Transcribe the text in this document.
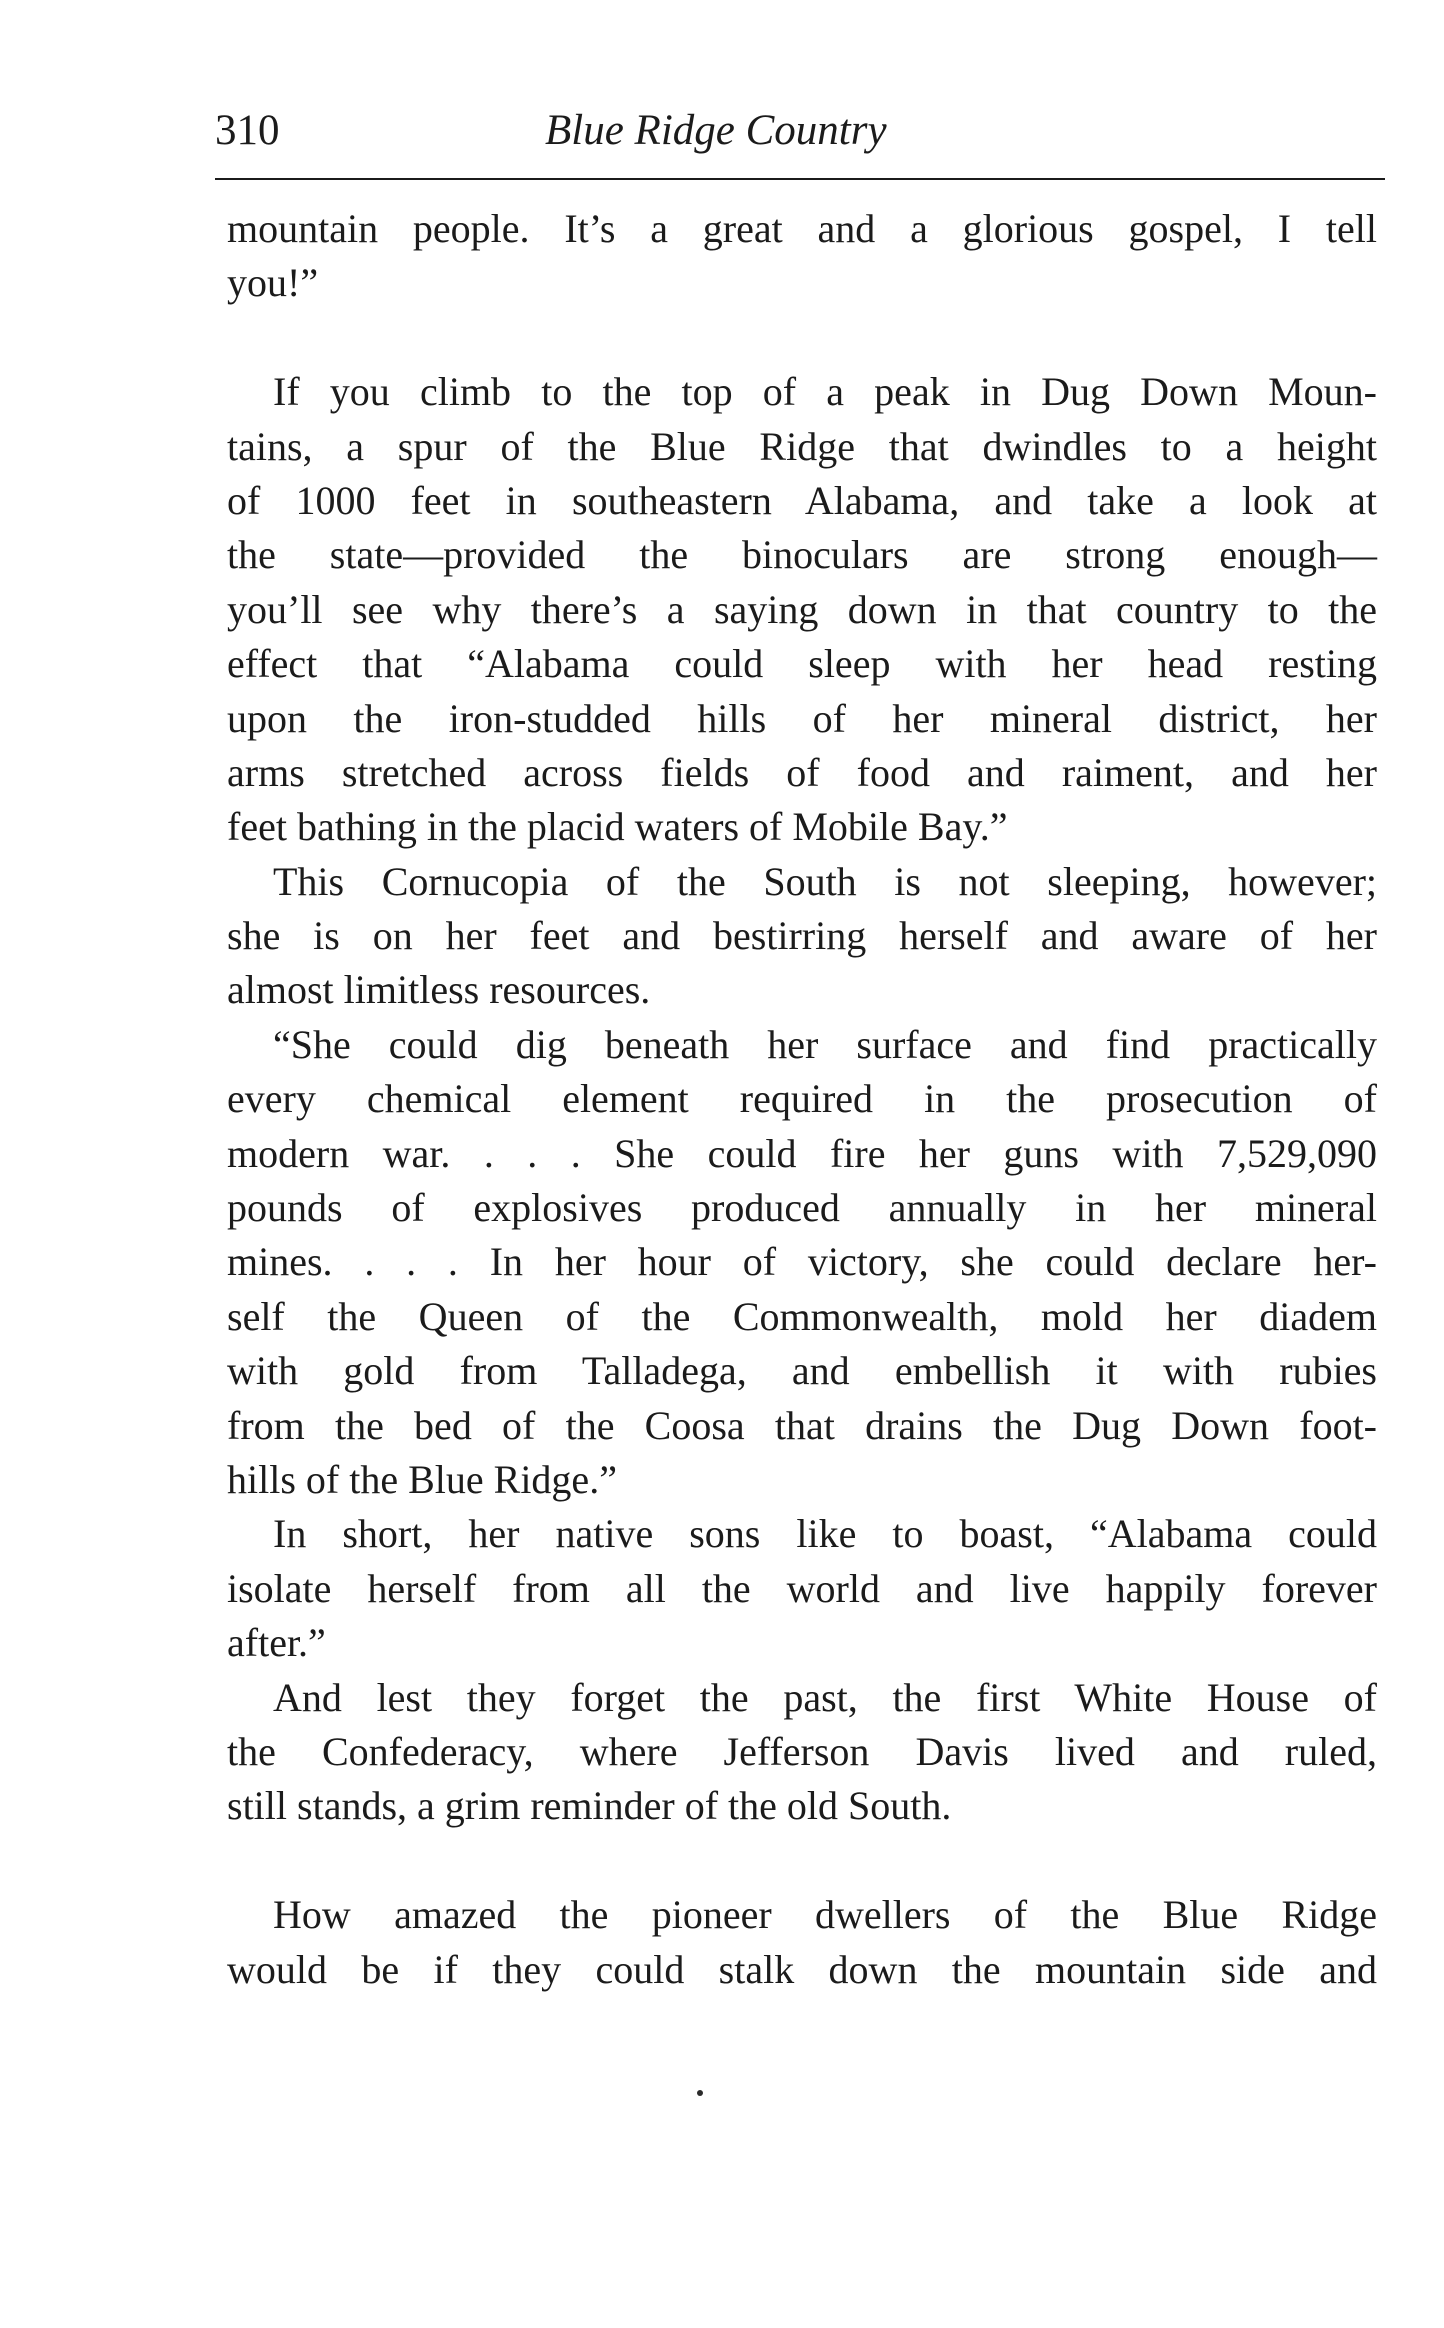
310	Blue Ridge Country
mountain people. It’s a great and a glorious gospel, I tell
you!”
If you climb to the top of a peak in Dug Down Moun-
tains, a spur of the Blue Ridge that dwindles to a height
of 1000 feet in southeastern Alabama, and take a look at
the state—provided the binoculars are strong enough—
you’ll see why there’s a saying down in that country to the
effect that “Alabama could sleep with her head resting
upon the iron-studded hills of her mineral district, her
arms stretched across fields of food and raiment, and her
feet bathing in the placid waters of Mobile Bay.”
This Cornucopia of the South is not sleeping, however;
she is on her feet and bestirring herself and aware of her
almost limitless resources.
“She could dig beneath her surface and find practically
every chemical element required in the prosecution of
modern war. . . . She could fire her guns with 7,529,090
pounds of explosives produced annually in her mineral
mines. . . . In her hour of victory, she could declare her-
self the Queen of the Commonwealth, mold her diadem
with gold from Talladega, and embellish it with rubies
from the bed of the Coosa that drains the Dug Down foot-
hills of the Blue Ridge.”
In short, her native sons like to boast, “Alabama could
isolate herself from all the world and live happily forever
after.”
And lest they forget the past, the first White House of
the Confederacy, where Jefferson Davis lived and ruled,
still stands, a grim reminder of the old South.
How amazed the pioneer dwellers of the Blue Ridge
would be if they could stalk down the mountain side and
